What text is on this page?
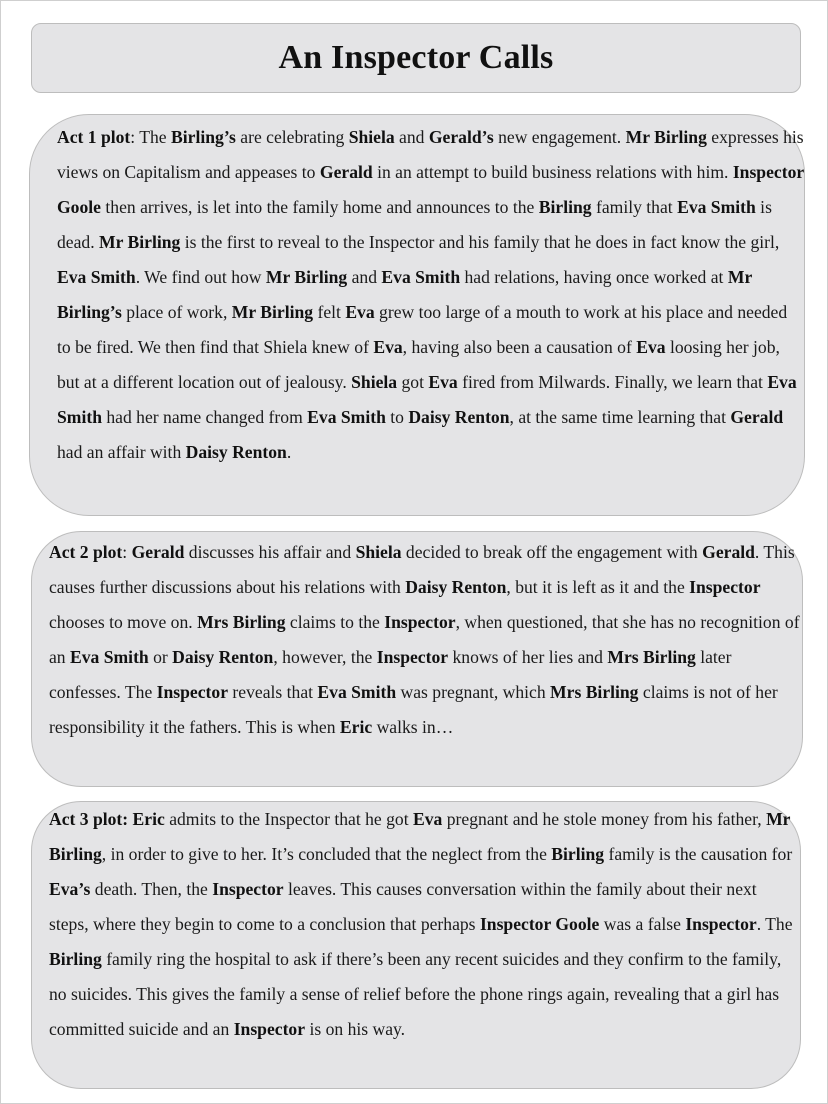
An Inspector Calls

Act 1 plot: The Birling’s are celebrating Shiela and Gerald’s new engagement. Mr Birling expresses his views on Capitalism and appeases to Gerald in an attempt to build business relations with him. Inspector Goole then arrives, is let into the family home and announces to the Birling family that Eva Smith is dead. Mr Birling is the first to reveal to the Inspector and his family that he does in fact know the girl, Eva Smith. We find out how Mr Birling and Eva Smith had relations, having once worked at Mr Birling’s place of work, Mr Birling felt Eva grew too large of a mouth to work at his place and needed to be fired. We then find that Shiela knew of Eva, having also been a causation of Eva loosing her job, but at a different location out of jealousy. Shiela got Eva fired from Milwards. Finally, we learn that Eva Smith had her name changed from Eva Smith to Daisy Renton, at the same time learning that Gerald had an affair with Daisy Renton.

Act 2 plot: Gerald discusses his affair and Shiela decided to break off the engagement with Gerald. This causes further discussions about his relations with Daisy Renton, but it is left as it and the Inspector chooses to move on. Mrs Birling claims to the Inspector, when questioned, that she has no recognition of an Eva Smith or Daisy Renton, however, the Inspector knows of her lies and Mrs Birling later confesses. The Inspector reveals that Eva Smith was pregnant, which Mrs Birling claims is not of her responsibility it the fathers. This is when Eric walks in…

Act 3 plot: Eric admits to the Inspector that he got Eva pregnant and he stole money from his father, Mr Birling, in order to give to her. It’s concluded that the neglect from the Birling family is the causation for Eva’s death. Then, the Inspector leaves. This causes conversation within the family about their next steps, where they begin to come to a conclusion that perhaps Inspector Goole was a false Inspector. The Birling family ring the hospital to ask if there’s been any recent suicides and they confirm to the family, no suicides. This gives the family a sense of relief before the phone rings again, revealing that a girl has committed suicide and an Inspector is on his way.
